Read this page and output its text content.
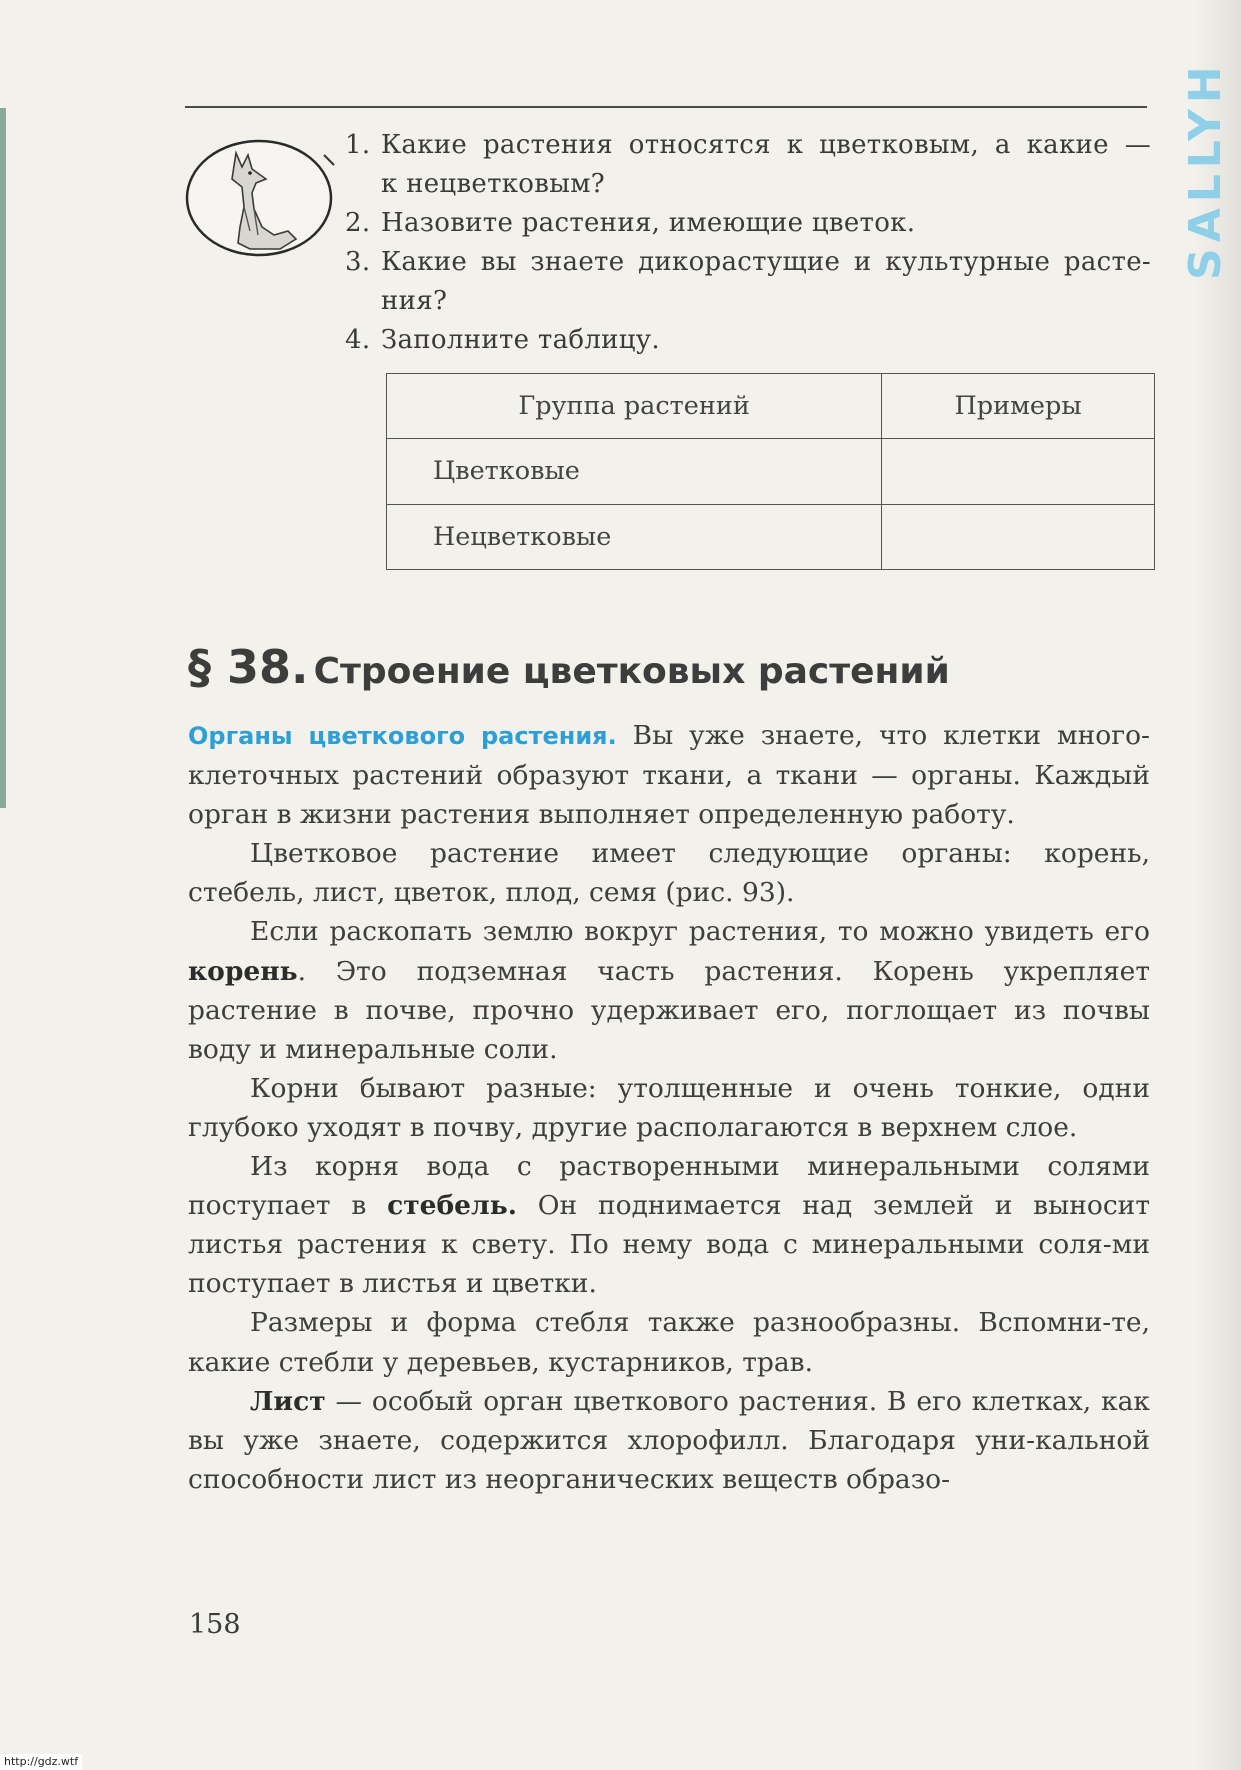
SALLYH
1. Какие растения относятся к цветковым, а какие —
к нецветковым?
2. Назовите растения, имеющие цветок.
3. Какие вы знаете дикорастущие и культурные расте-
ния?
4. Заполните таблицу.
Группа растений	Примеры
Цветковые	
Нецветковые	
§ 38. Строение цветковых растений

Органы цветкового растения. Вы уже знаете, что клетки много-клеточных растений образуют ткани, а ткани — органы. Каждый орган в жизни растения выполняет определенную работу.

Цветковое растение имеет следующие органы: корень, стебель, лист, цветок, плод, семя (рис. 93).

Если раскопать землю вокруг растения, то можно увидеть его корень. Это подземная часть растения. Корень укрепляет растение в почве, прочно удерживает его, поглощает из почвы воду и минеральные соли.

Корни бывают разные: утолщенные и очень тонкие, одни глубоко уходят в почву, другие располагаются в верхнем слое.

Из корня вода с растворенными минеральными солями поступает в стебель. Он поднимается над землей и выносит листья растения к свету. По нему вода с минеральными соля-ми поступает в листья и цветки.

Размеры и форма стебля также разнообразны. Вспомни-те, какие стебли у деревьев, кустарников, трав.

Лист — особый орган цветкового растения. В его клетках, как вы уже знаете, содержится хлорофилл. Благодаря уни-кальной способности лист из неорганических веществ образо-

158
http://gdz.wtf
